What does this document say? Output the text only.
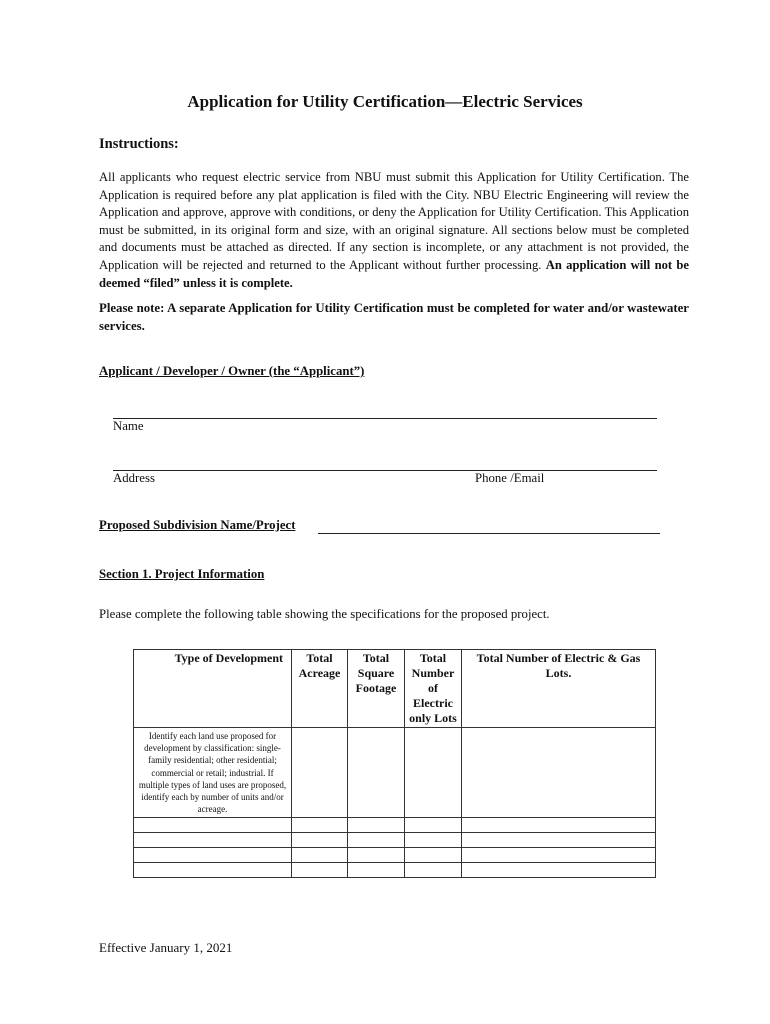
Application for Utility Certification—Electric Services
Instructions:
All applicants who request electric service from NBU must submit this Application for Utility Certification. The Application is required before any plat application is filed with the City. NBU Electric Engineering will review the Application and approve, approve with conditions, or deny the Application for Utility Certification. This Application must be submitted, in its original form and size, with an original signature. All sections below must be completed and documents must be attached as directed. If any section is incomplete, or any attachment is not provided, the Application will be rejected and returned to the Applicant without further processing. An application will not be deemed “filed” unless it is complete.
Please note: A separate Application for Utility Certification must be completed for water and/or wastewater services.
Applicant / Developer / Owner (the “Applicant”)
Name
Address	Phone /Email
Proposed Subdivision Name/Project
Section 1. Project Information
Please complete the following table showing the specifications for the proposed project.
Type of Development	Total Acreage	Total Square Footage	Total Number of Electric only Lots	Total Number of Electric & Gas Lots.
Identify each land use proposed for development by classification: single-family residential; other residential; commercial or retail; industrial. If multiple types of land uses are proposed, identify each by number of units and/or acreage.				

Effective January 1, 2021
